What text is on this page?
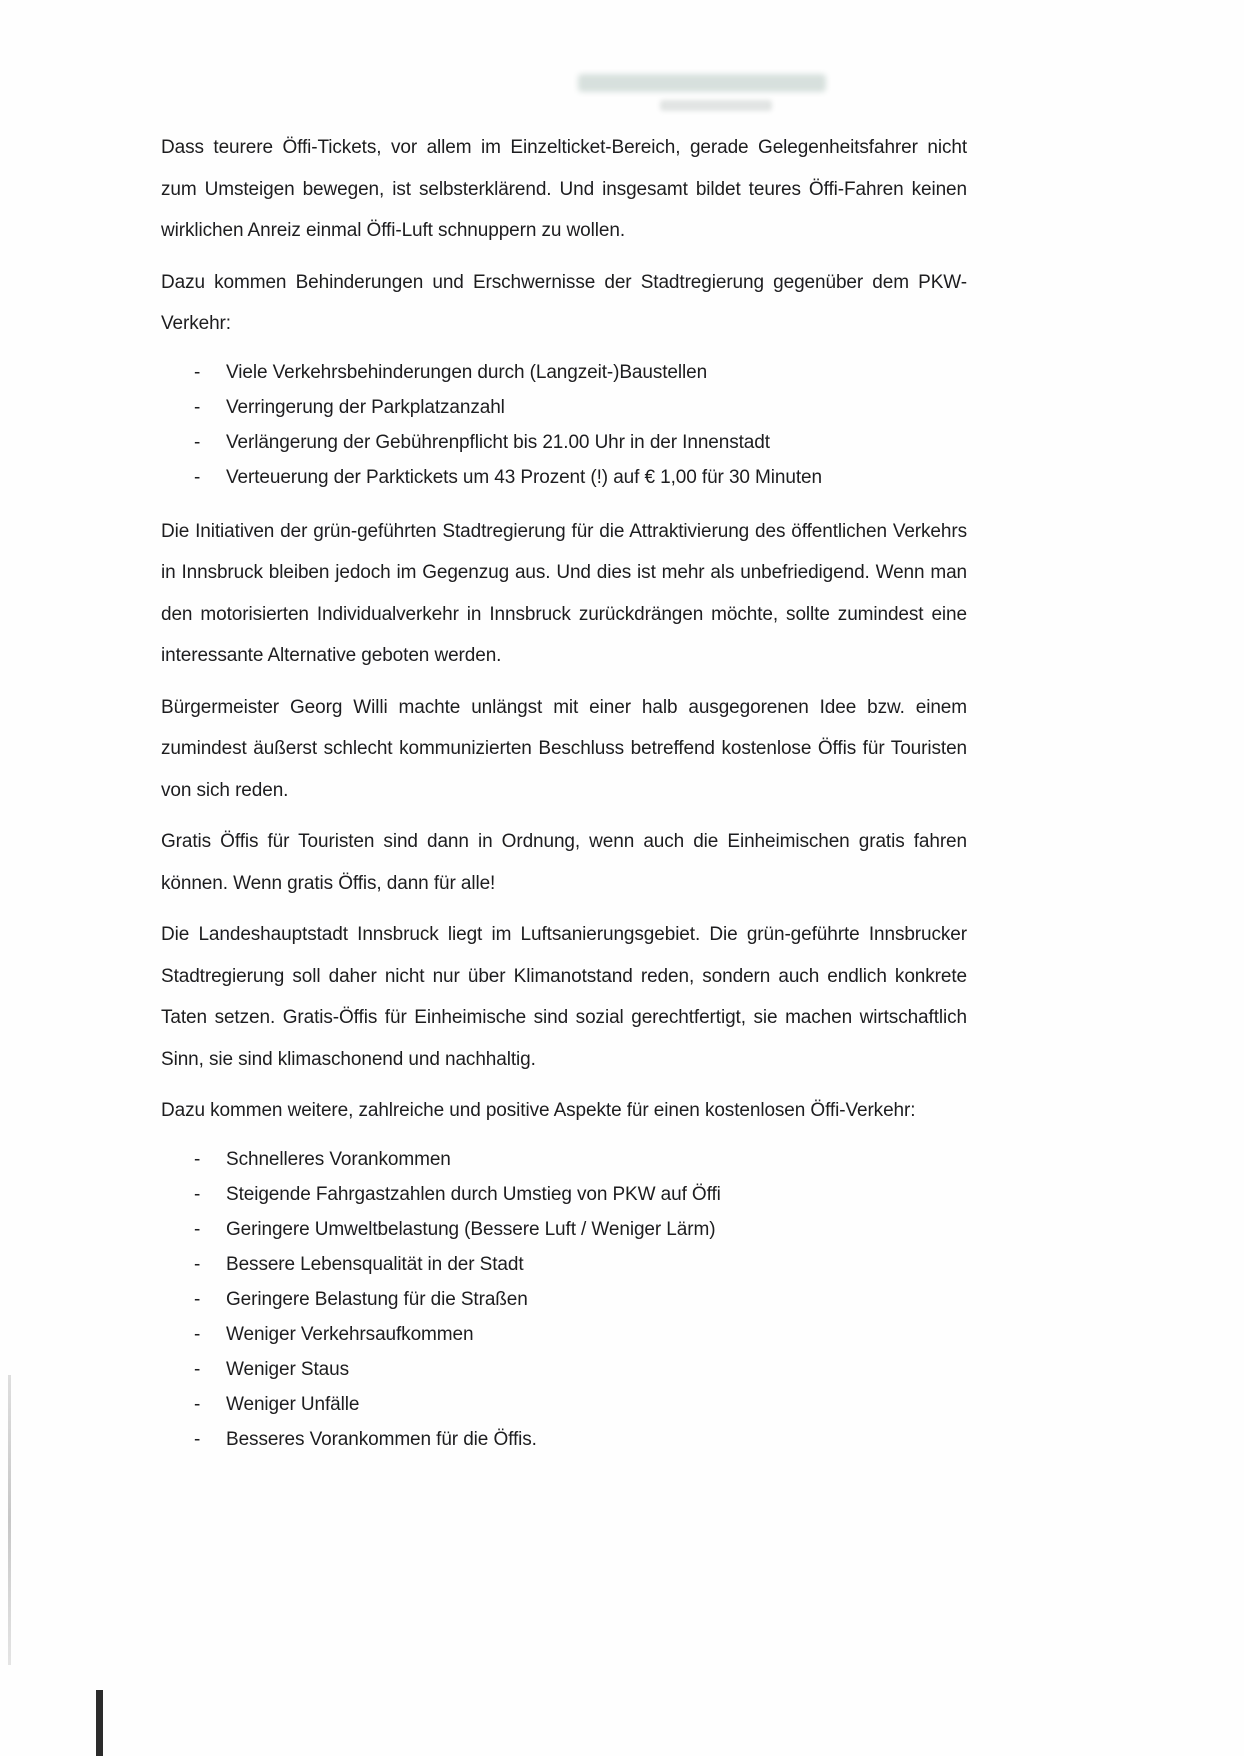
Dass teurere Öffi-Tickets, vor allem im Einzelticket-Bereich, gerade Gelegenheitsfahrer nicht zum Umsteigen bewegen, ist selbsterklärend. Und insgesamt bildet teures Öffi-Fahren keinen wirklichen Anreiz einmal Öffi-Luft schnuppern zu wollen.

Dazu kommen Behinderungen und Erschwernisse der Stadtregierung gegenüber dem PKW-Verkehr:

- Viele Verkehrsbehinderungen durch (Langzeit-)Baustellen
- Verringerung der Parkplatzanzahl
- Verlängerung der Gebührenpflicht bis 21.00 Uhr in der Innenstadt
- Verteuerung der Parktickets um 43 Prozent (!) auf € 1,00 für 30 Minuten

Die Initiativen der grün-geführten Stadtregierung für die Attraktivierung des öffentlichen Verkehrs in Innsbruck bleiben jedoch im Gegenzug aus. Und dies ist mehr als unbefriedigend. Wenn man den motorisierten Individualverkehr in Innsbruck zurückdrängen möchte, sollte zumindest eine interessante Alternative geboten werden.

Bürgermeister Georg Willi machte unlängst mit einer halb ausgegorenen Idee bzw. einem zumindest äußerst schlecht kommunizierten Beschluss betreffend kostenlose Öffis für Touristen von sich reden.

Gratis Öffis für Touristen sind dann in Ordnung, wenn auch die Einheimischen gratis fahren können. Wenn gratis Öffis, dann für alle!

Die Landeshauptstadt Innsbruck liegt im Luftsanierungsgebiet. Die grün-geführte Innsbrucker Stadtregierung soll daher nicht nur über Klimanotstand reden, sondern auch endlich konkrete Taten setzen. Gratis-Öffis für Einheimische sind sozial gerechtfertigt, sie machen wirtschaftlich Sinn, sie sind klimaschonend und nachhaltig.

Dazu kommen weitere, zahlreiche und positive Aspekte für einen kostenlosen Öffi-Verkehr:

- Schnelleres Vorankommen
- Steigende Fahrgastzahlen durch Umstieg von PKW auf Öffi
- Geringere Umweltbelastung (Bessere Luft / Weniger Lärm)
- Bessere Lebensqualität in der Stadt
- Geringere Belastung für die Straßen
- Weniger Verkehrsaufkommen
- Weniger Staus
- Weniger Unfälle
- Besseres Vorankommen für die Öffis.
